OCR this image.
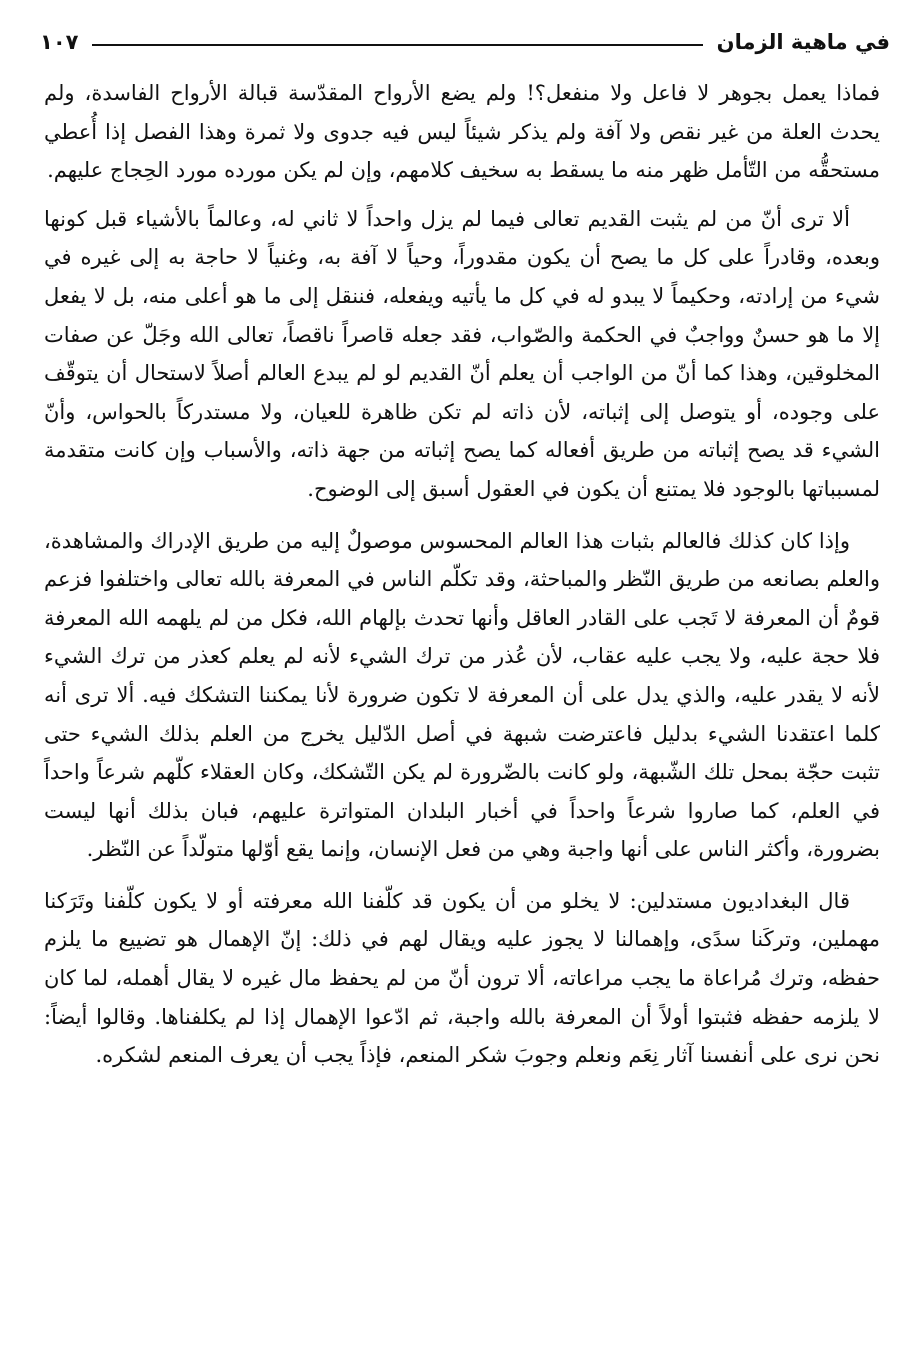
في ماهية الزمان
١٠٧

فماذا يعمل بجوهر لا فاعل ولا منفعل؟! ولم يضع الأرواح المقدّسة قبالة الأرواح الفاسدة، ولم يحدث العلة من غير نقص ولا آفة ولم يذكر شيئاً ليس فيه جدوى ولا ثمرة وهذا الفصل إذا أُعطي مستحقُّه من التّأمل ظهر منه ما يسقط به سخيف كلامهم، وإن لم يكن مورده مورد الحِجاج عليهم.

ألا ترى أنّ من لم يثبت القديم تعالى فيما لم يزل واحداً لا ثاني له، وعالماً بالأشياء قبل كونها وبعده، وقادراً على كل ما يصح أن يكون مقدوراً، وحياً لا آفة به، وغنياً لا حاجة به إلى غيره في شيء من إرادته، وحكيماً لا يبدو له في كل ما يأتيه ويفعله، فننقل إلى ما هو أعلى منه، بل لا يفعل إلا ما هو حسنٌ وواجبٌ في الحكمة والصّواب، فقد جعله قاصراً ناقصاً، تعالى الله وجَلّ عن صفات المخلوقين، وهذا كما أنّ من الواجب أن يعلم أنّ القديم لو لم يبدع العالم أصلاً لاستحال أن يتوقّف على وجوده، أو يتوصل إلى إثباته، لأن ذاته لم تكن ظاهرة للعيان، ولا مستدركاً بالحواس، وأنّ الشيء قد يصح إثباته من طريق أفعاله كما يصح إثباته من جهة ذاته، والأسباب وإن كانت متقدمة لمسبباتها بالوجود فلا يمتنع أن يكون في العقول أسبق إلى الوضوح.

وإذا كان كذلك فالعالم بثبات هذا العالم المحسوس موصولٌ إليه من طريق الإدراك والمشاهدة، والعلم بصانعه من طريق النّظر والمباحثة، وقد تكلّم الناس في المعرفة بالله تعالى واختلفوا فزعم قومٌ أن المعرفة لا تَجب على القادر العاقل وأنها تحدث بإلهام الله، فكل من لم يلهمه الله المعرفة فلا حجة عليه، ولا يجب عليه عقاب، لأن عُذر من ترك الشيء لأنه لم يعلم كعذر من ترك الشيء لأنه لا يقدر عليه، والذي يدل على أن المعرفة لا تكون ضرورة لأنا يمكننا التشكك فيه. ألا ترى أنه كلما اعتقدنا الشيء بدليل فاعترضت شبهة في أصل الدّليل يخرج من العلم بذلك الشيء حتى تثبت حجّة بمحل تلك الشّبهة، ولو كانت بالضّرورة لم يكن التّشكك، وكان العقلاء كلّهم شرعاً واحداً في العلم، كما صاروا شرعاً واحداً في أخبار البلدان المتواترة عليهم، فبان بذلك أنها ليست بضرورة، وأكثر الناس على أنها واجبة وهي من فعل الإنسان، وإنما يقع أوّلها متولّداً عن النّظر.

قال البغداديون مستدلين: لا يخلو من أن يكون قد كلّفنا الله معرفته أو لا يكون كلّفنا وتَرَكنا مهملين، وتركَنا سدًى، وإهمالنا لا يجوز عليه ويقال لهم في ذلك: إنّ الإهمال هو تضييع ما يلزم حفظه، وترك مُراعاة ما يجب مراعاته، ألا ترون أنّ من لم يحفظ مال غيره لا يقال أهمله، لما كان لا يلزمه حفظه فثبتوا أولاً أن المعرفة بالله واجبة، ثم ادّعوا الإهمال إذا لم يكلفناها. وقالوا أيضاً: نحن نرى على أنفسنا آثار نِعَم ونعلم وجوبَ شكر المنعم، فإذاً يجب أن يعرف المنعم لشكره.
